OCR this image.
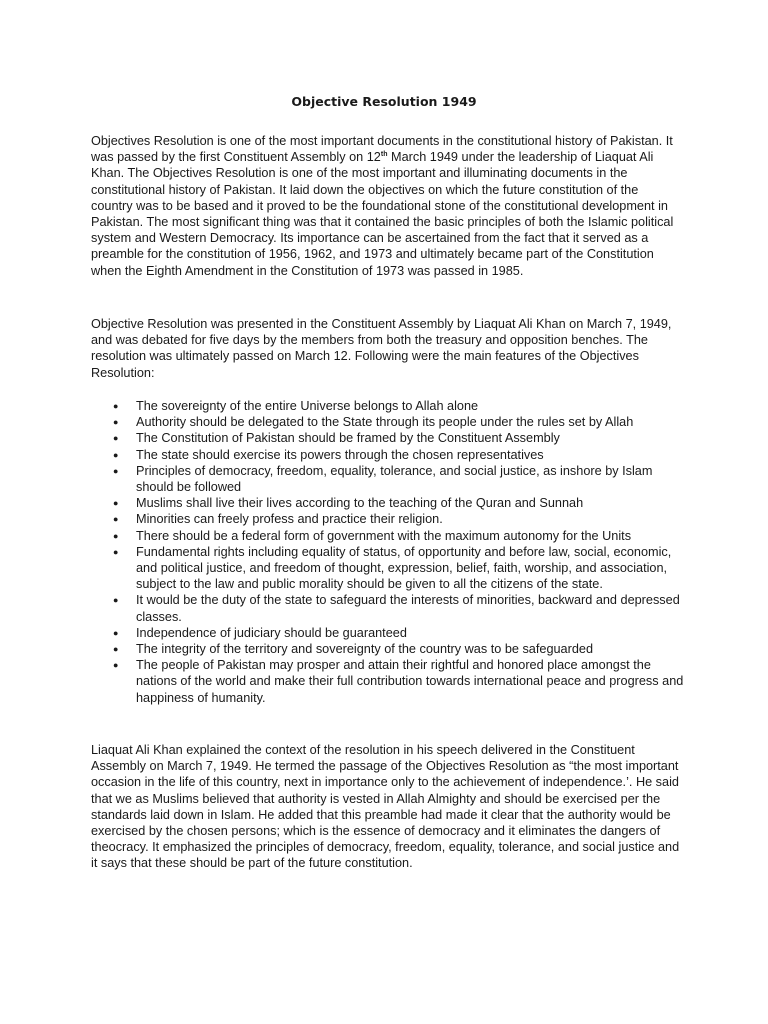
Objective Resolution 1949

Objectives Resolution is one of the most important documents in the constitutional history of Pakistan. It was passed by the first Constituent Assembly on 12th March 1949 under the leadership of Liaquat Ali Khan. The Objectives Resolution is one of the most important and illuminating documents in the constitutional history of Pakistan. It laid down the objectives on which the future constitution of the country was to be based and it proved to be the foundational stone of the constitutional development in Pakistan. The most significant thing was that it contained the basic principles of both the Islamic political system and Western Democracy. Its importance can be ascertained from the fact that it served as a preamble for the constitution of 1956, 1962, and 1973 and ultimately became part of the Constitution when the Eighth Amendment in the Constitution of 1973 was passed in 1985.

Objective Resolution was presented in the Constituent Assembly by Liaquat Ali Khan on March 7, 1949, and was debated for five days by the members from both the treasury and opposition benches. The resolution was ultimately passed on March 12. Following were the main features of the Objectives Resolution:

● The sovereignty of the entire Universe belongs to Allah alone
● Authority should be delegated to the State through its people under the rules set by Allah
● The Constitution of Pakistan should be framed by the Constituent Assembly
● The state should exercise its powers through the chosen representatives
● Principles of democracy, freedom, equality, tolerance, and social justice, as inshore by Islam should be followed
● Muslims shall live their lives according to the teaching of the Quran and Sunnah
● Minorities can freely profess and practice their religion.
● There should be a federal form of government with the maximum autonomy for the Units
● Fundamental rights including equality of status, of opportunity and before law, social, economic, and political justice, and freedom of thought, expression, belief, faith, worship, and association, subject to the law and public morality should be given to all the citizens of the state.
● It would be the duty of the state to safeguard the interests of minorities, backward and depressed classes.
● Independence of judiciary should be guaranteed
● The integrity of the territory and sovereignty of the country was to be safeguarded
● The people of Pakistan may prosper and attain their rightful and honored place amongst the nations of the world and make their full contribution towards international peace and progress and happiness of humanity.

Liaquat Ali Khan explained the context of the resolution in his speech delivered in the Constituent Assembly on March 7, 1949. He termed the passage of the Objectives Resolution as “the most important occasion in the life of this country, next in importance only to the achievement of independence.’. He said that we as Muslims believed that authority is vested in Allah Almighty and should be exercised per the standards laid down in Islam. He added that this preamble had made it clear that the authority would be exercised by the chosen persons; which is the essence of democracy and it eliminates the dangers of theocracy. It emphasized the principles of democracy, freedom, equality, tolerance, and social justice and it says that these should be part of the future constitution.
